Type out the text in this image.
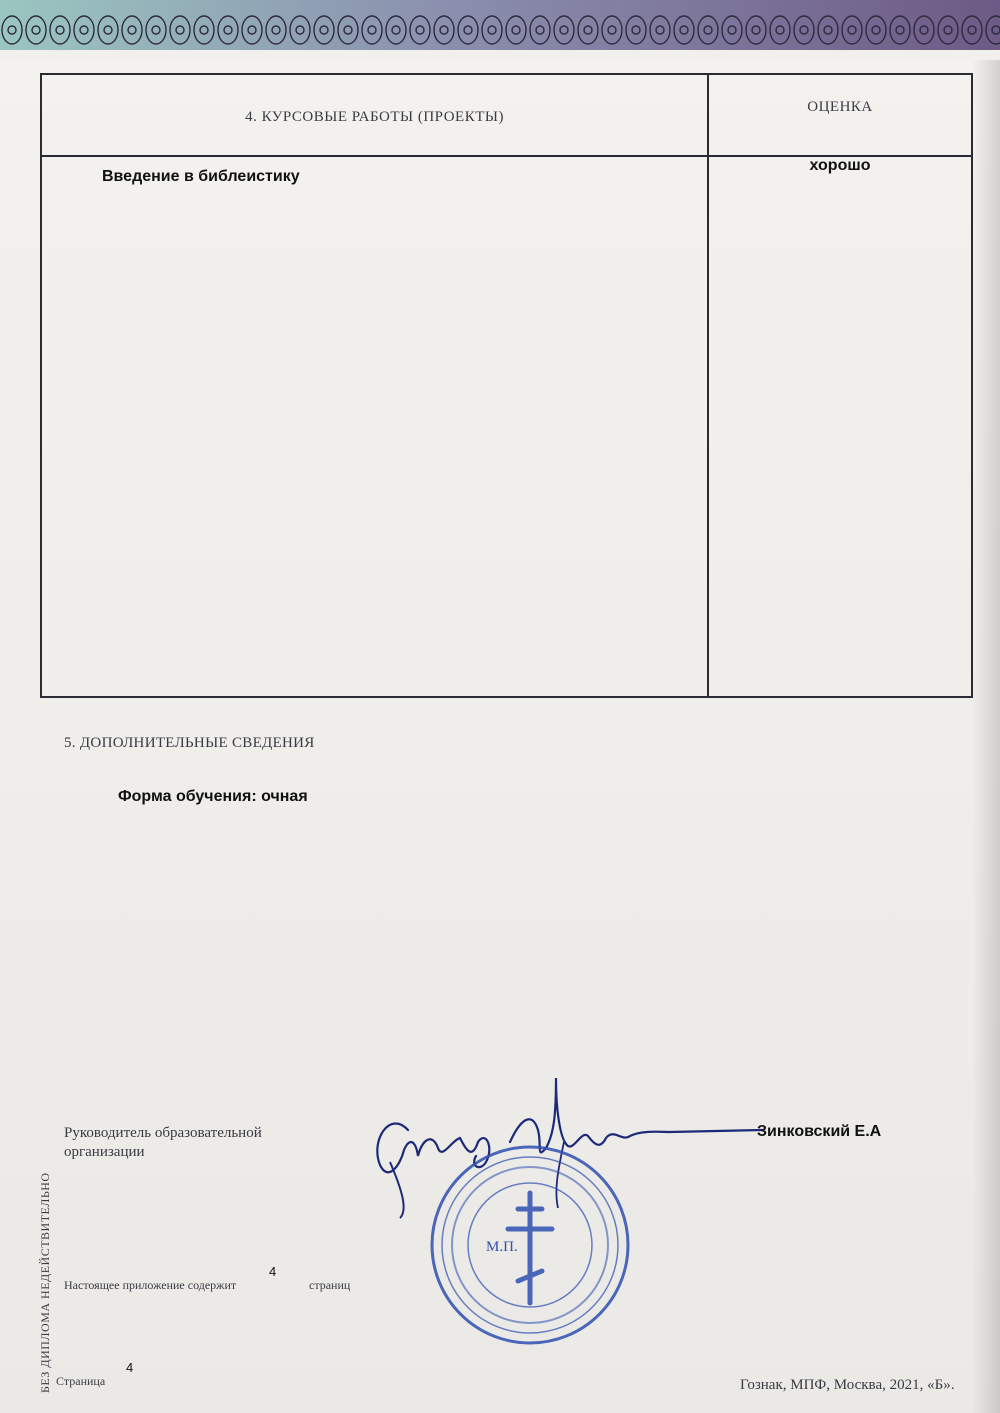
4. КУРСОВЫЕ РАБОТЫ (ПРОЕКТЫ)
ОЦЕНКА
Введение в библеистику
хорошо
5. ДОПОЛНИТЕЛЬНЫЕ СВЕДЕНИЯ
Форма обучения: очная
Руководитель образовательной организации
Зинковский Е.А
М.П.
Настоящее приложение содержит
4
страниц
Страница
4
Гознак, МПФ, Москва, 2021, «Б».
БЕЗ ДИПЛОМА НЕДЕЙСТВИТЕЛЬНО
